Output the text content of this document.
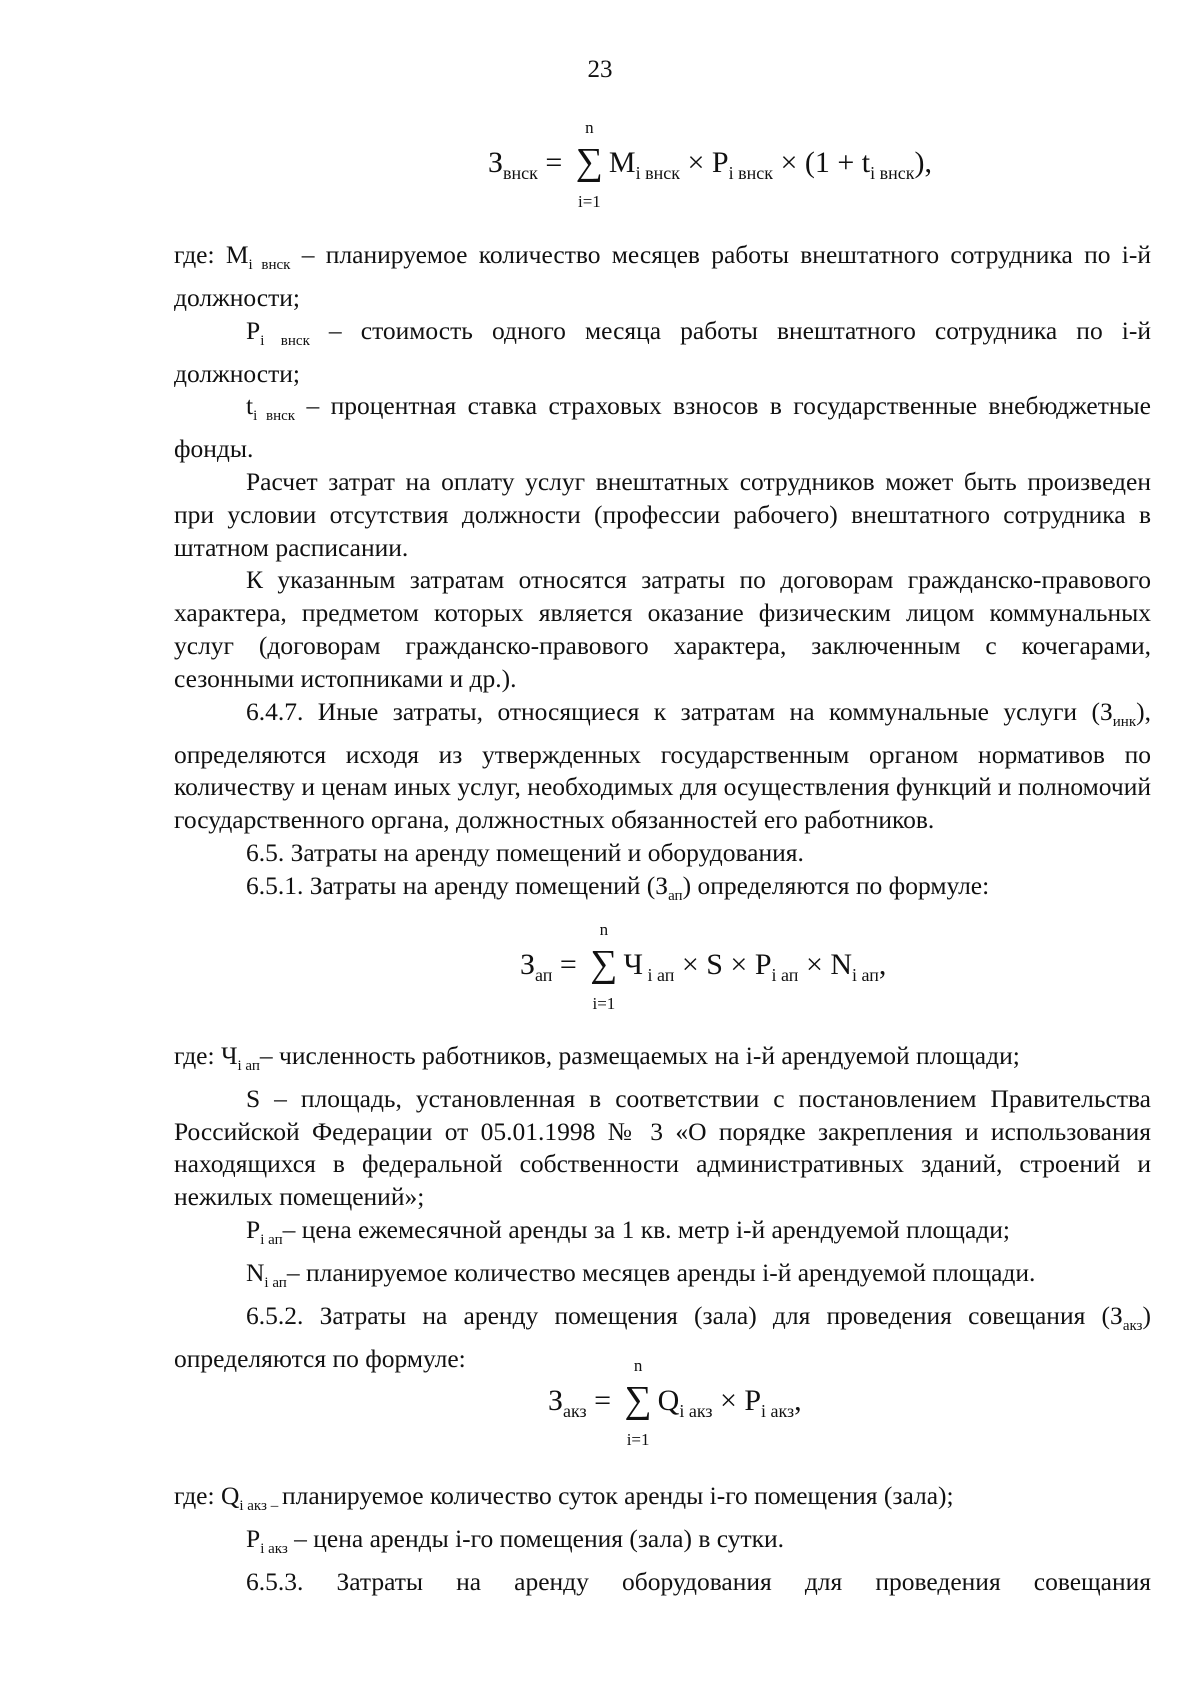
23
$З_{внск}$ = ∑
n
i=1
$M_{i внск} \times P_{i внск} \times (1 + t_{i внск})$,

где: $M_{i внск}$ – планируемое количество месяцев работы внештатного сотрудника по i-й должности;

$P_{i внск}$ – стоимость одного месяца работы внештатного сотрудника по i-й должности;

$t_{i внск}$ – процентная ставка страховых взносов в государственные внебюджетные фонды.

Расчет затрат на оплату услуг внештатных сотрудников может быть произведен при условии отсутствия должности (профессии рабочего) внештатного сотрудника в штатном расписании.

К указанным затратам относятся затраты по договорам гражданско-правового характера, предметом которых является оказание физическим лицом коммунальных услуг (договорам гражданско-правового характера, заключенным с кочегарами, сезонными истопниками и др.).

6.4.7. Иные затраты, относящиеся к затратам на коммунальные услуги $(З_{инк})$, определяются исходя из утвержденных государственным органом нормативов по количеству и ценам иных услуг, необходимых для осуществления функций и полномочий государственного органа, должностных обязанностей его работников.

6.5. Затраты на аренду помещений и оборудования.

6.5.1. Затраты на аренду помещений $(З_{ап})$ определяются по формуле:

$З_{ап}$ = ∑
n
i=1
Ч $_{i ап} \times S \times P_{i ап} \times N_{i ап}$,

где: $Ч_{i ап}-$ численность работников, размещаемых на i-й арендуемой площади;

S – площадь, установленная в соответствии с постановлением Правительства Российской Федерации от 05.01.1998 № 3 «О порядке закрепления и использования находящихся в федеральной собственности административных зданий, строений и нежилых помещений»;

$P_{i ап}-$ цена ежемесячной аренды за 1 кв. метр i-й арендуемой площади;

$N_{i ап}-$ планируемое количество месяцев аренды i-й арендуемой площади.

6.5.2. Затраты на аренду помещения (зала) для проведения совещания $(З_{акз})$ определяются по формуле:

$З_{акз}$ = ∑
n
i=1
$Q_{i акз} \times P_{i акз}$,

где: $Q_{i акз -}$ планируемое количество суток аренды i-го помещения (зала);

$P_{i акз}$ – цена аренды i-го помещения (зала) в сутки.

6.5.3. Затраты на аренду оборудования для проведения совещания
